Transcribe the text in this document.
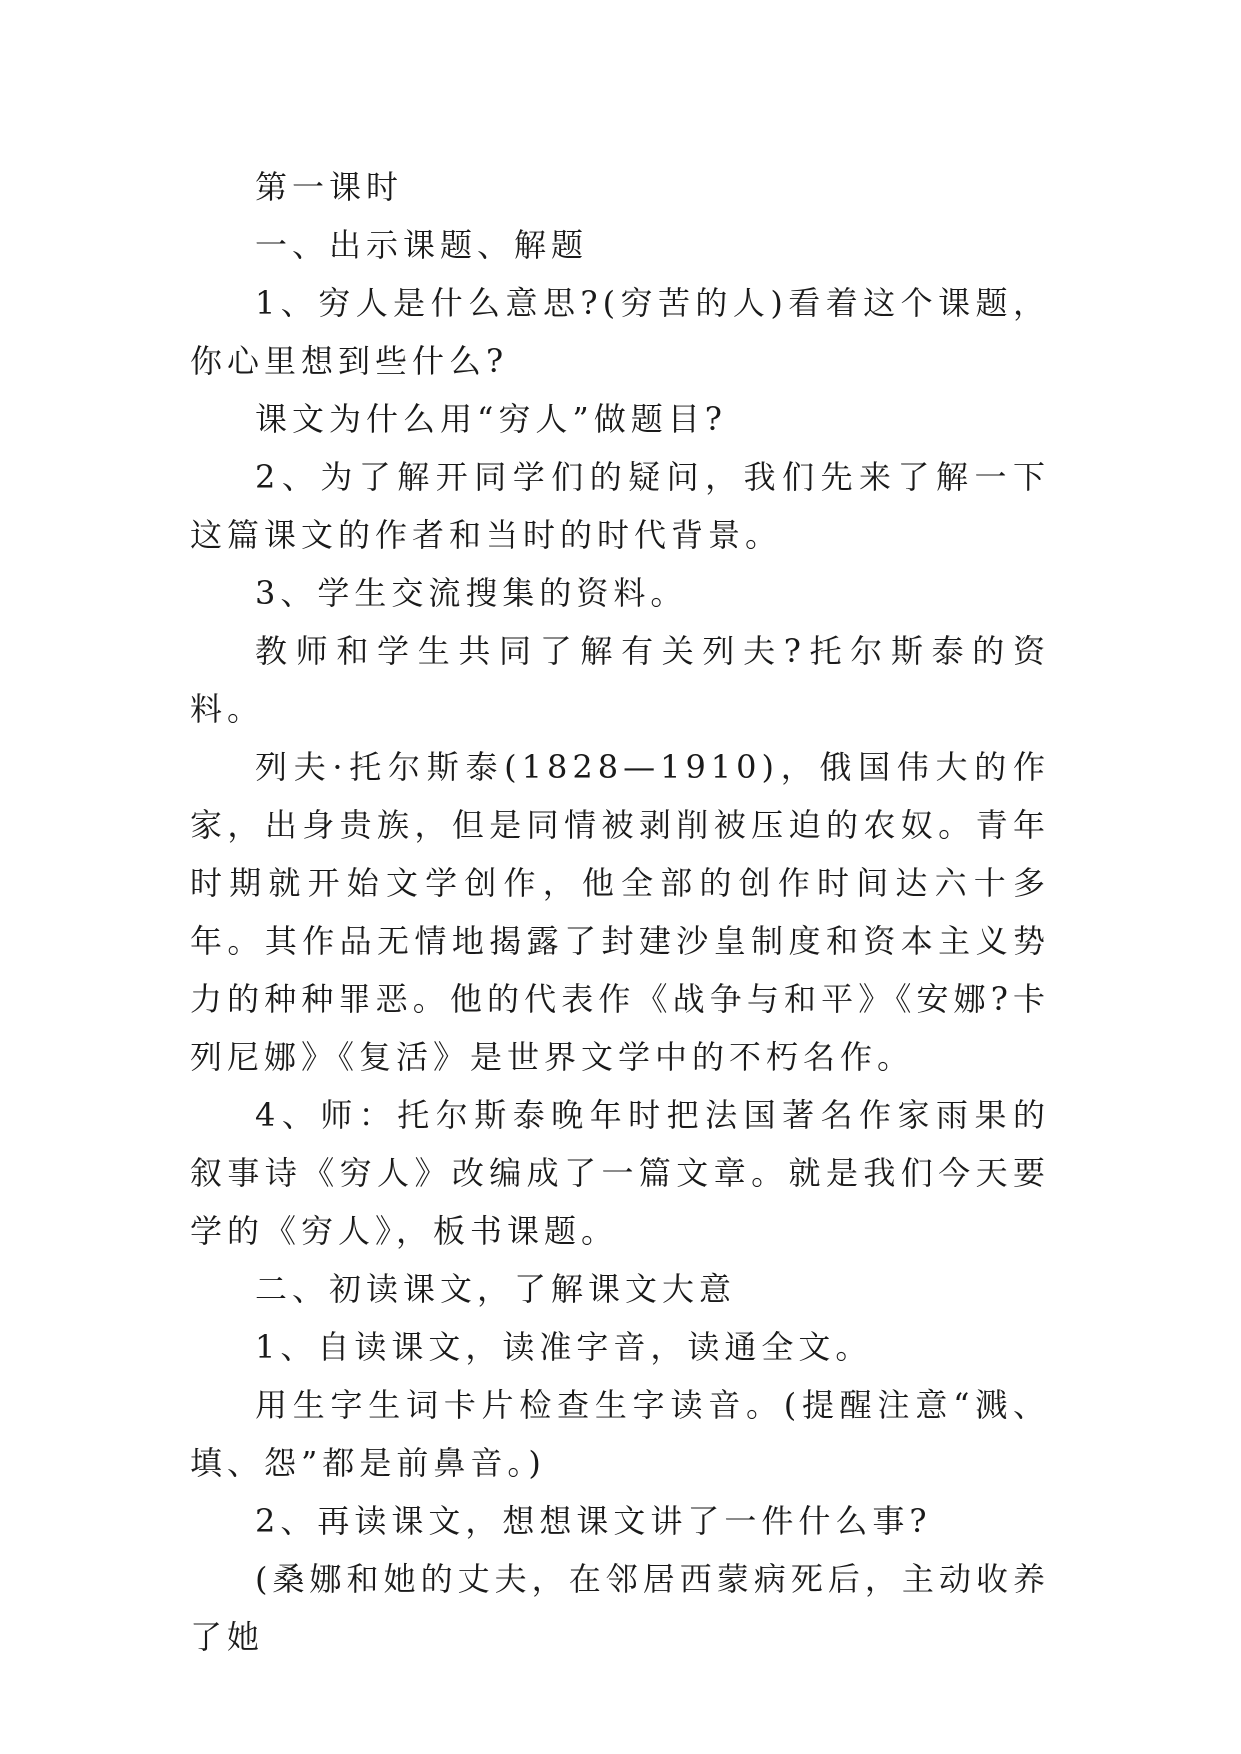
第一课时

一、出示课题、解题

1、穷人是什么意思?(穷苦的人)看着这个课题，你心里想到些什么?

课文为什么用“穷人”做题目?

2、为了解开同学们的疑问，我们先来了解一下这篇课文的作者和当时的时代背景。

3、学生交流搜集的资料。

教师和学生共同了解有关列夫?托尔斯泰的资料。

列夫·托尔斯泰(1828—1910)，俄国伟大的作家，出身贵族，但是同情被剥削被压迫的农奴。青年时期就开始文学创作，他全部的创作时间达六十多年。其作品无情地揭露了封建沙皇制度和资本主义势力的种种罪恶。他的代表作《战争与和平》《安娜?卡列尼娜》《复活》是世界文学中的不朽名作。

4、师：托尔斯泰晚年时把法国著名作家雨果的叙事诗《穷人》改编成了一篇文章。就是我们今天要学的《穷人》，板书课题。

二、初读课文，了解课文大意

1、自读课文，读准字音，读通全文。

用生字生词卡片检查生字读音。(提醒注意“溅、填、怨”都是前鼻音。)

2、再读课文，想想课文讲了一件什么事?

(桑娜和她的丈夫，在邻居西蒙病死后，主动收养了她
